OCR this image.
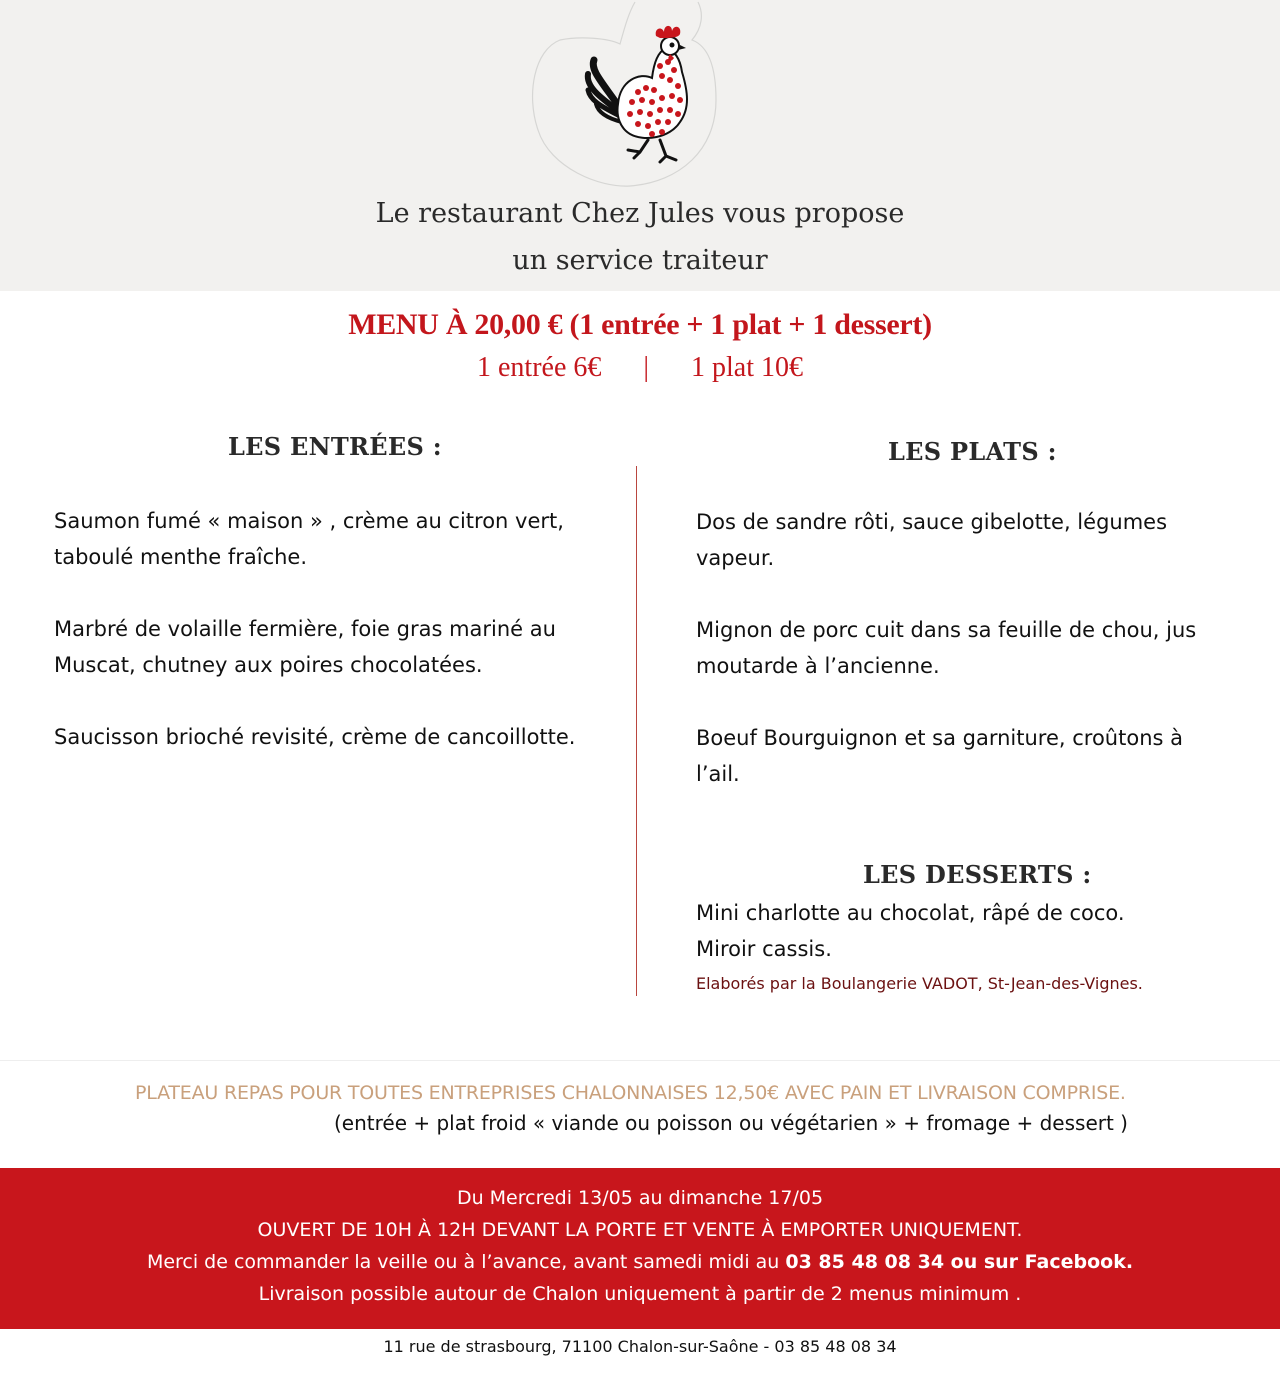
Le restaurant Chez Jules vous propose

un service traiteur

MENU À 20,00 € (1 entrée + 1 plat + 1 dessert)
1 entrée 6€ | 1 plat 10€
LES ENTRÉES :

Saumon fumé « maison » , crème au citron vert,
taboulé menthe fraîche.

Marbré de volaille fermière, foie gras mariné au
Muscat, chutney aux poires chocolatées.

Saucisson brioché revisité, crème de cancoillotte.

LES PLATS :

Dos de sandre rôti, sauce gibelotte, légumes
vapeur.

Mignon de porc cuit dans sa feuille de chou, jus
moutarde à l’ancienne.

Boeuf Bourguignon et sa garniture, croûtons à
l’ail.

LES DESSERTS :

Mini charlotte au chocolat, râpé de coco.
Miroir cassis.

Elaborés par la Boulangerie VADOT, St-Jean-des-Vignes.

PLATEAU REPAS POUR TOUTES ENTREPRISES CHALONNAISES 12,50€ AVEC PAIN ET LIVRAISON COMPRISE.

(entrée + plat froid « viande ou poisson ou végétarien » + fromage + dessert )

Du Mercredi 13/05 au dimanche 17/05

OUVERT DE 10H À 12H DEVANT LA PORTE ET VENTE À EMPORTER UNIQUEMENT.

Merci de commander la veille ou à l’avance, avant samedi midi au 03 85 48 08 34 ou sur Facebook.

Livraison possible autour de Chalon uniquement à partir de 2 menus minimum .

11 rue de strasbourg, 71100 Chalon-sur-Saône - 03 85 48 08 34
